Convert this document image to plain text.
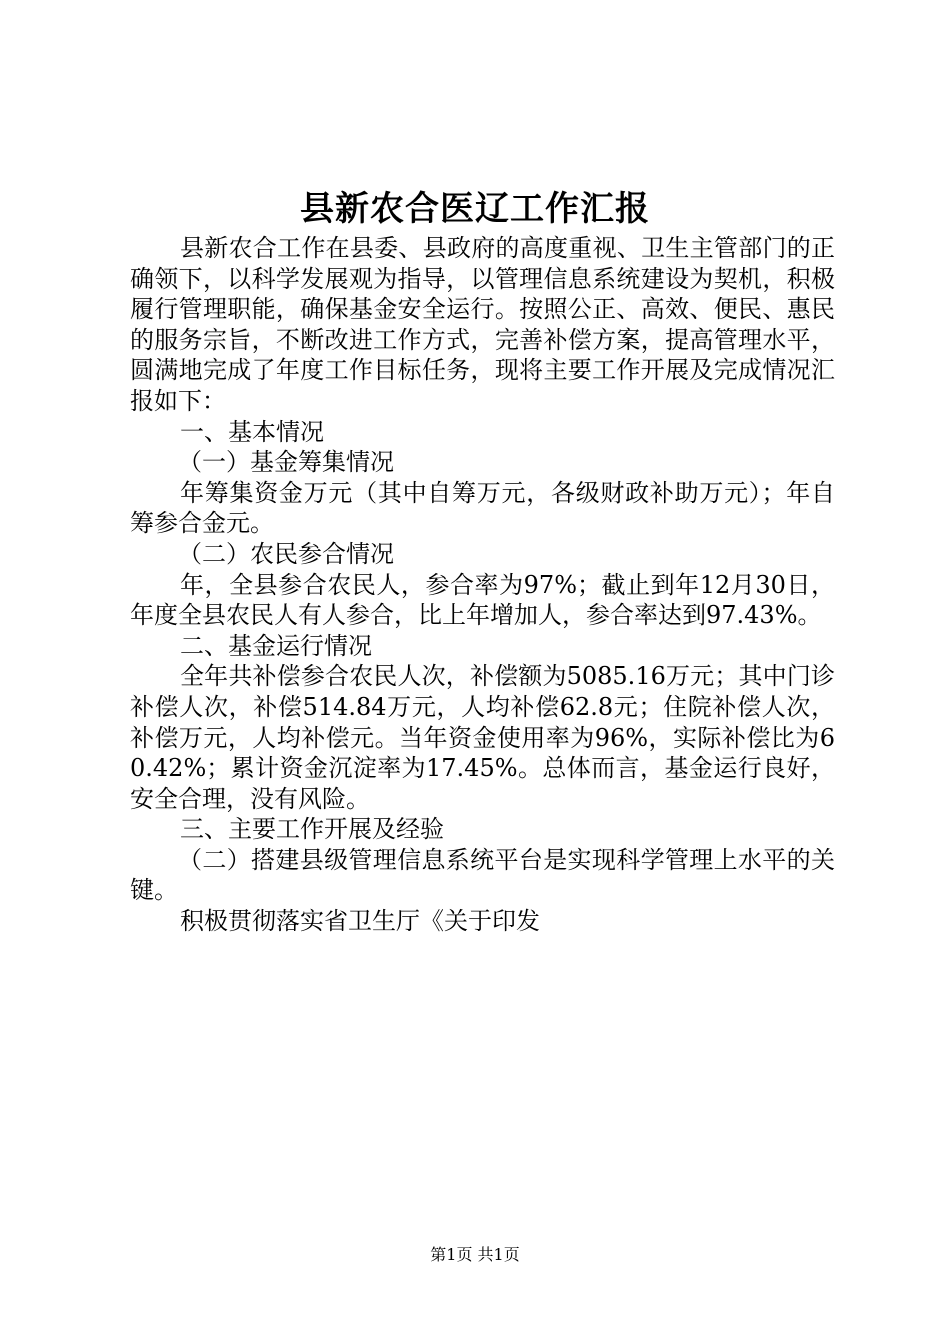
县新农合医辽工作汇报

县新农合工作在县委、县政府的高度重视、卫生主管部门的正确领下，以科学发展观为指导，以管理信息系统建设为契机，积极履行管理职能，确保基金安全运行。按照公正、高效、便民、惠民的服务宗旨，不断改进工作方式，完善补偿方案，提高管理水平，圆满地完成了年度工作目标任务，现将主要工作开展及完成情况汇报如下：

一、基本情况

（一）基金筹集情况

年筹集资金万元（其中自筹万元，各级财政补助万元）；年自筹参合金元。

（二）农民参合情况

年，全县参合农民人，参合率为97%；截止到年12月30日，年度全县农民人有人参合，比上年增加人，参合率达到97.43%。

二、基金运行情况

全年共补偿参合农民人次，补偿额为5085.16万元；其中门诊补偿人次，补偿514.84万元，人均补偿62.8元；住院补偿人次，补偿万元，人均补偿元。当年资金使用率为96%，实际补偿比为60.42%；累计资金沉淀率为17.45%。总体而言，基金运行良好，安全合理，没有风险。

三、主要工作开展及经验

（二）搭建县级管理信息系统平台是实现科学管理上水平的关键。

积极贯彻落实省卫生厅《关于印发

第1页 共1页
